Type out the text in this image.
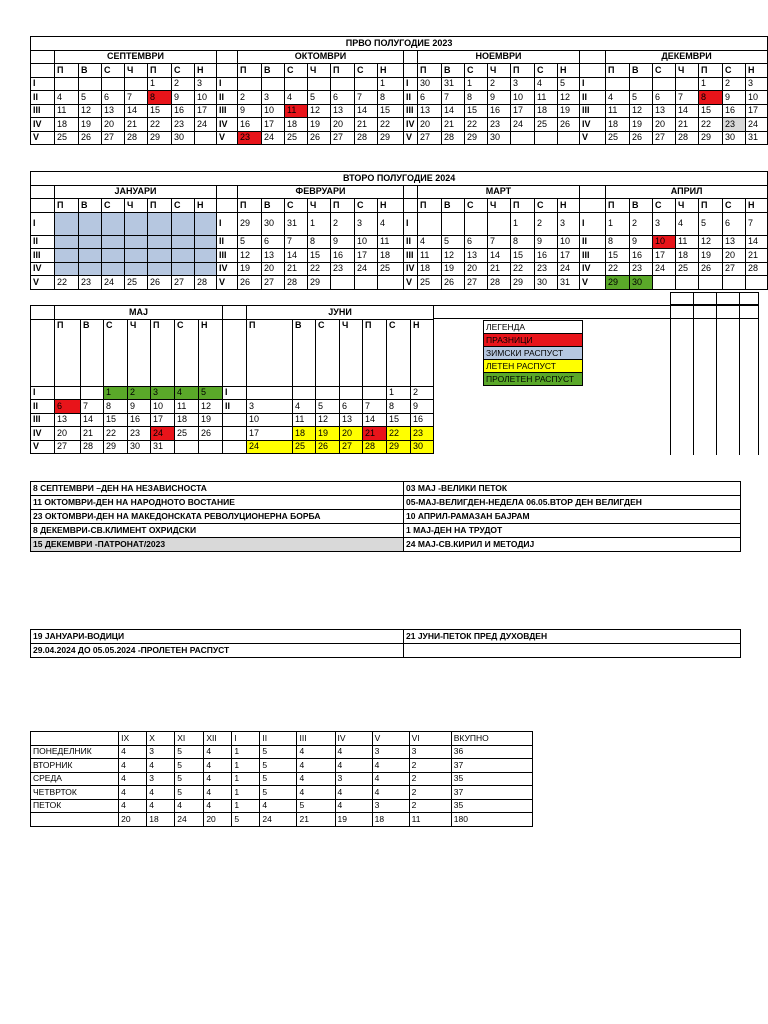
ПРВО ПОЛУГОДИЕ 2023																															
	СЕПТЕМВРИ								ОКТОМВРИ								НОЕМВРИ								ДЕКЕМВРИ						
	П	В	С	Ч	П	С	Н		П	В	С	Ч	П	С	Н		П	В	С	Ч	П	С	Н		П	В	С	Ч	П	С	Н
I					1	2	3	I							1	I	30	31	1	2	3	4	5	I					1	2	3
II	4	5	6	7	8	9	10	II	2	3	4	5	6	7	8	II	6	7	8	9	10	11	12	II	4	5	6	7	8	9	10
III	11	12	13	14	15	16	17	III	9	10	11	12	13	14	15	III	13	14	15	16	17	18	19	III	11	12	13	14	15	16	17
IV	18	19	20	21	22	23	24	IV	16	17	18	19	20	21	22	IV	20	21	22	23	24	25	26	IV	18	19	20	21	22	23	24
V	25	26	27	28	29	30		V	23	24	25	26	27	28	29	V	27	28	29	30				V	25	26	27	28	29	30	31
ВТОРО ПОЛУГОДИЕ 2024																															
	ЈАНУАРИ								ФЕВРУАРИ								МАРТ								АПРИЛ						
	П	В	С	Ч	П	С	Н		П	В	С	Ч	П	С	Н		П	В	С	Ч	П	С	Н		П	В	С	Ч	П	С	Н
I								I	29	30	31	1	2	3	4	I					1	2	3	I	1	2	3	4	5	6	7
II								II	5	6	7	8	9	10	11	II	4	5	6	7	8	9	10	II	8	9	10	11	12	13	14
III								III	12	13	14	15	16	17	18	III	11	12	13	14	15	16	17	III	15	16	17	18	19	20	21
IV								IV	19	20	21	22	23	24	25	IV	18	19	20	21	22	23	24	IV	22	23	24	25	26	27	28
V	22	23	24	25	26	27	28	V	26	27	28	29				V	25	26	27	28	29	30	31	V	29	30					
	МАЈ								ЈУНИ						
	П	В	С	Ч	П	С	Н		П	В	С	Ч	П	С	Н
I			1	2	3	4	5	I						1	2
II	6	7	8	9	10	11	12	II	3	4	5	6	7	8	9
III	13	14	15	16	17	18	19		10	11	12	13	14	15	16
IV	20	21	22	23	24	25	26		17	18	19	20	21	22	23
V	27	28	29	30	31				24	25	26	27	28	29	30
ЛЕГЕНДА
ПРАЗНИЦИ
ЗИМСКИ РАСПУСТ
ЛЕТЕН РАСПУСТ
ПРОЛЕТЕН РАСПУСТ
8 СЕПТЕМВРИ –ДЕН НА НЕЗАВИСНОСТА	03 МАЈ -ВЕЛИКИ ПЕТОК
11 ОКТОМВРИ-ДЕН НА НАРОДНОТО ВОСТАНИЕ	05-МАЈ-ВЕЛИГДЕН-НЕДЕЛА 06.05.ВТОР ДЕН ВЕЛИГДЕН
23 ОКТОМВРИ-ДЕН НА МАКЕДОНСКАТА РЕВОЛУЦИОНЕРНА БОРБА	10 АПРИЛ-РАМАЗАН БАЈРАМ
8 ДЕКЕМВРИ-СВ.КЛИМЕНТ ОХРИДСКИ	1 МАЈ-ДЕН НА ТРУДОТ
15 ДЕКЕМВРИ -ПАТРОНАТ/2023	24 МАЈ-СВ.КИРИЛ И МЕТОДИЈ
19 ЈАНУАРИ-ВОДИЦИ	21 ЈУНИ-ПЕТОК ПРЕД ДУХОВДЕН
29.04.2024 ДО 05.05.2024 -ПРОЛЕТЕН РАСПУСТ	
	IX	X	XI	XII	I	II	III	IV	V	VI	ВКУПНО
ПОНЕДЕЛНИК	4	3	5	4	1	5	4	4	3	3	36
ВТОРНИК	4	4	5	4	1	5	4	4	4	2	37
СРЕДА	4	3	5	4	1	5	4	3	4	2	35
ЧЕТВРТОК	4	4	5	4	1	5	4	4	4	2	37
ПЕТОК	4	4	4	4	1	4	5	4	3	2	35
	20	18	24	20	5	24	21	19	18	11	180
